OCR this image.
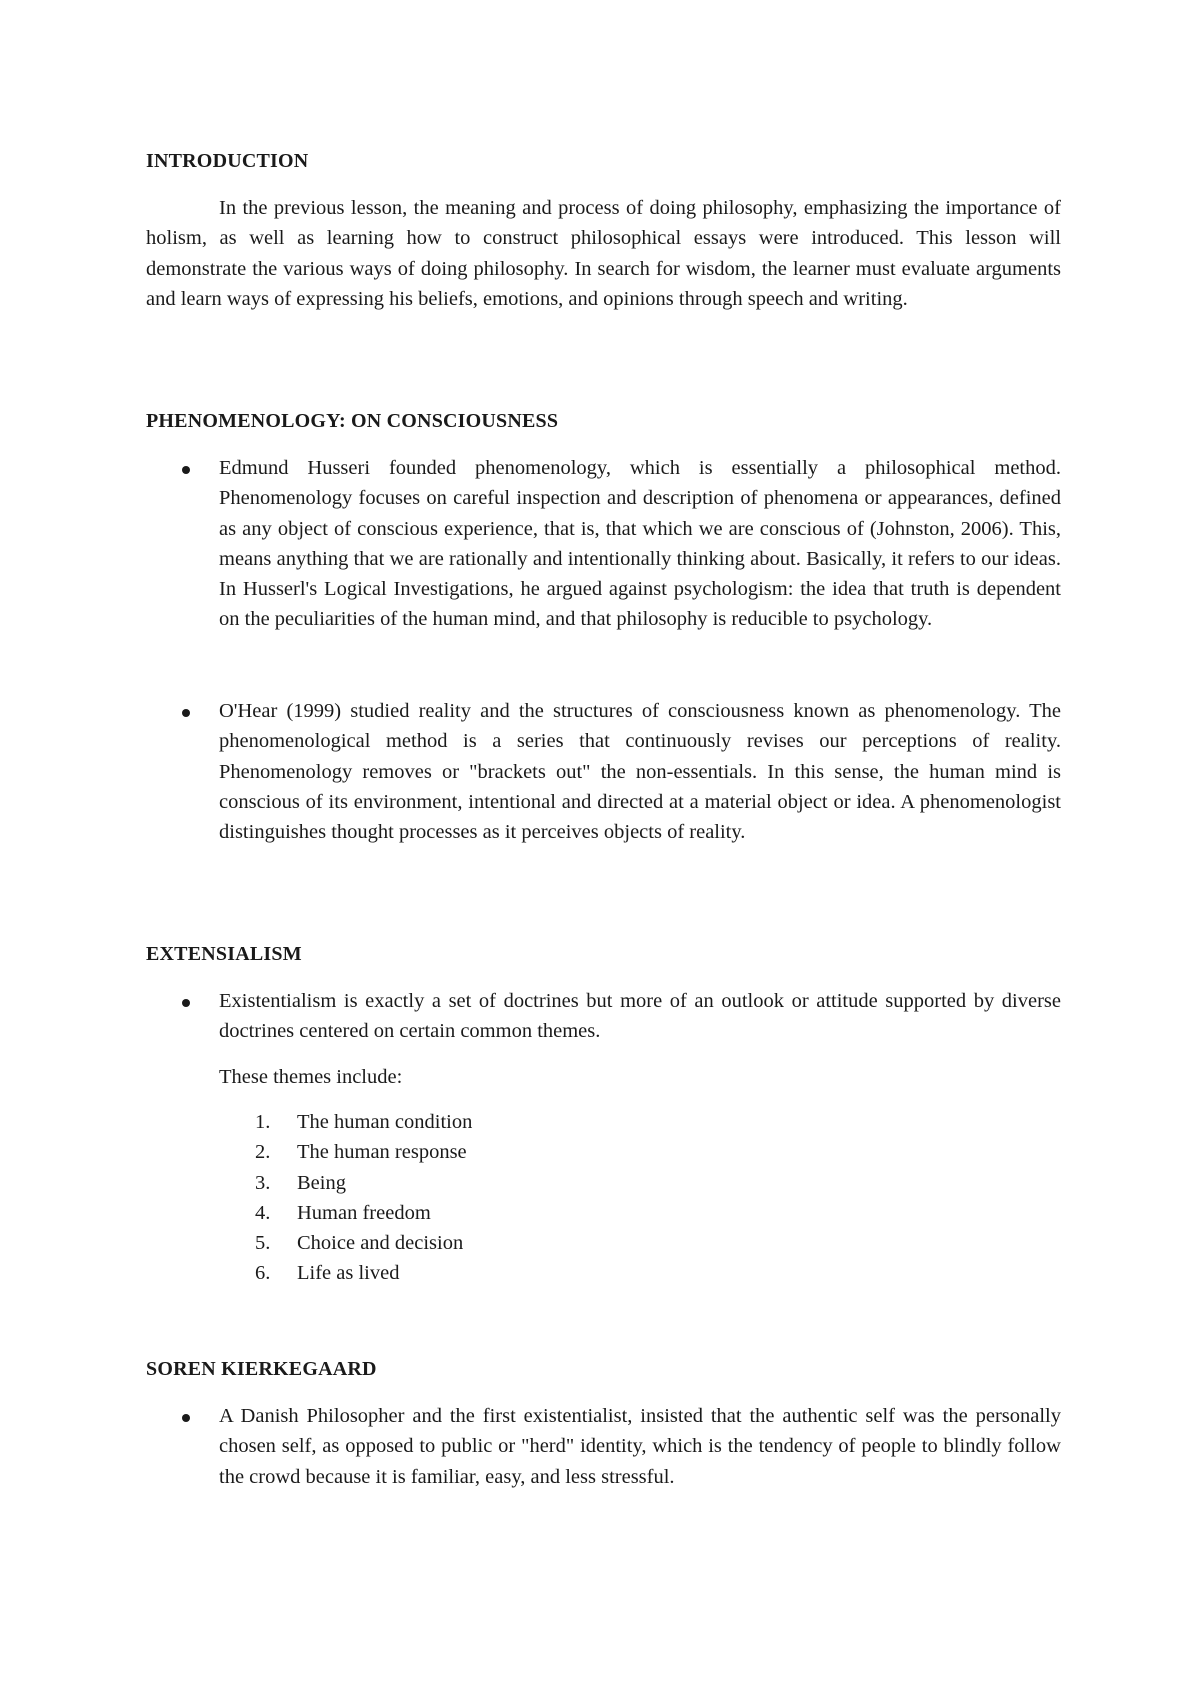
INTRODUCTION

In the previous lesson, the meaning and process of doing philosophy, emphasizing the importance of holism, as well as learning how to construct philosophical essays were introduced. This lesson will demonstrate the various ways of doing philosophy. In search for wisdom, the learner must evaluate arguments and learn ways of expressing his beliefs, emotions, and opinions through speech and writing.

PHENOMENOLOGY: ON CONSCIOUSNESS

Edmund Husseri founded phenomenology, which is essentially a philosophical method. Phenomenology focuses on careful inspection and description of phenomena or appearances, defined as any object of conscious experience, that is, that which we are conscious of (Johnston, 2006). This, means anything that we are rationally and intentionally thinking about. Basically, it refers to our ideas. In Husserl's Logical Investigations, he argued against psychologism: the idea that truth is dependent on the peculiarities of the human mind, and that philosophy is reducible to psychology.

O'Hear (1999) studied reality and the structures of consciousness known as phenomenology. The phenomenological method is a series that continuously revises our perceptions of reality. Phenomenology removes or "brackets out" the non-essentials. In this sense, the human mind is conscious of its environment, intentional and directed at a material object or idea. A phenomenologist distinguishes thought processes as it perceives objects of reality.

EXTENSIALISM

Existentialism is exactly a set of doctrines but more of an outlook or attitude supported by diverse doctrines centered on certain common themes.

These themes include:

1.	The human condition
2.	The human response
3.	Being
4.	Human freedom
5.	Choice and decision
6.	Life as lived
SOREN KIERKEGAARD

A Danish Philosopher and the first existentialist, insisted that the authentic self was the personally chosen self, as opposed to public or "herd" identity, which is the tendency of people to blindly follow the crowd because it is familiar, easy, and less stressful.
